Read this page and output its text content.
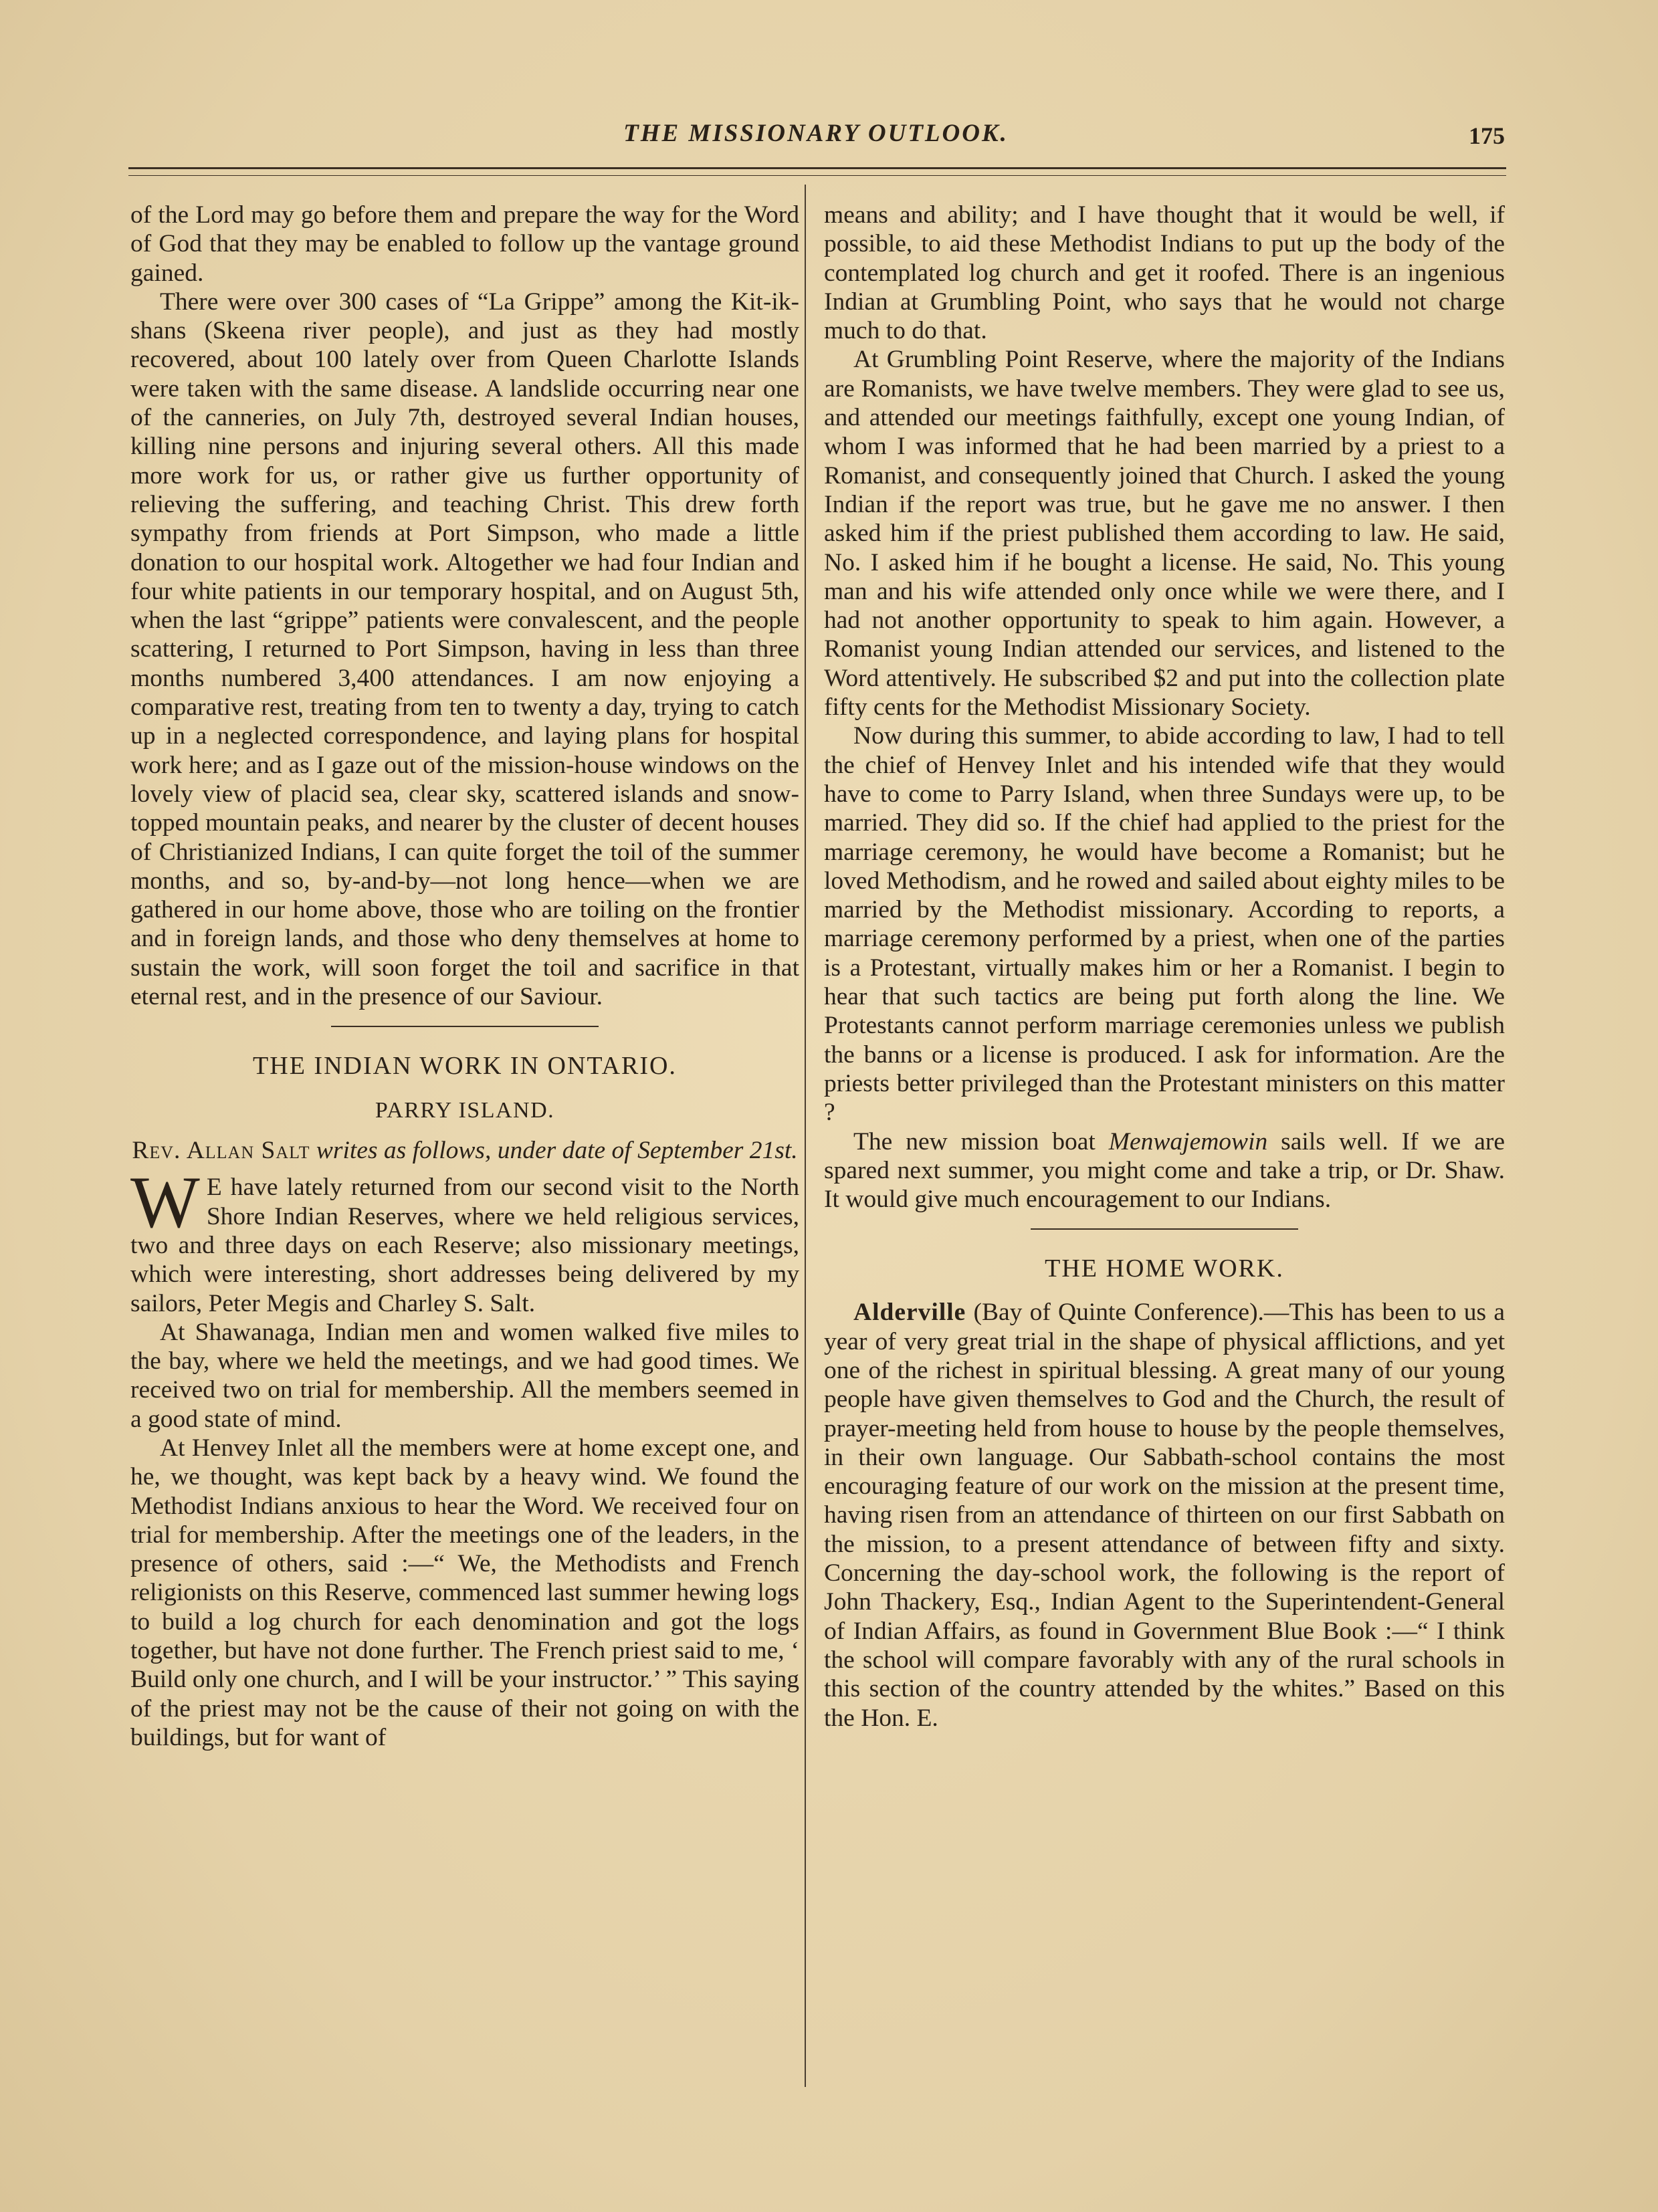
THE MISSIONARY OUTLOOK.	175

of the Lord may go before them and prepare the way for the Word of God that they may be enabled to follow up the vantage ground gained.

There were over 300 cases of “La Grippe” among the Kit-ik-shans (Skeena river people), and just as they had mostly recovered, about 100 lately over from Queen Charlotte Islands were taken with the same disease. A landslide occurring near one of the canneries, on July 7th, destroyed several Indian houses, killing nine persons and injuring several others. All this made more work for us, or rather give us further opportunity of relieving the suffering, and teaching Christ. This drew forth sympathy from friends at Port Simpson, who made a little donation to our hospital work. Altogether we had four Indian and four white patients in our temporary hospital, and on August 5th, when the last “grippe” patients were convalescent, and the people scattering, I returned to Port Simpson, having in less than three months numbered 3,400 attendances. I am now enjoying a comparative rest, treating from ten to twenty a day, trying to catch up in a neglected correspondence, and laying plans for hospital work here; and as I gaze out of the mission-house windows on the lovely view of placid sea, clear sky, scattered islands and snow-topped mountain peaks, and nearer by the cluster of decent houses of Christianized Indians, I can quite forget the toil of the summer months, and so, by-and-by—not long hence—when we are gathered in our home above, those who are toiling on the frontier and in foreign lands, and those who deny themselves at home to sustain the work, will soon forget the toil and sacrifice in that eternal rest, and in the presence of our Saviour.

THE INDIAN WORK IN ONTARIO.
PARRY ISLAND.
Rev. Allan Salt writes as follows, under date of September 21st.

W E have lately returned from our second visit to the North Shore Indian Reserves, where we held religious services, two and three days on each Reserve; also missionary meetings, which were interesting, short addresses being delivered by my sailors, Peter Megis and Charley S. Salt.

At Shawanaga, Indian men and women walked five miles to the bay, where we held the meetings, and we had good times. We received two on trial for membership. All the members seemed in a good state of mind.

At Henvey Inlet all the members were at home except one, and he, we thought, was kept back by a heavy wind. We found the Methodist Indians anxious to hear the Word. We received four on trial for membership. After the meetings one of the leaders, in the presence of others, said :—“ We, the Methodists and French religionists on this Reserve, commenced last summer hewing logs to build a log church for each denomination and got the logs together, but have not done further. The French priest said to me, ‘ Build only one church, and I will be your instructor.’ ” This saying of the priest may not be the cause of their not going on with the buildings, but for want of

means and ability; and I have thought that it would be well, if possible, to aid these Methodist Indians to put up the body of the contemplated log church and get it roofed. There is an ingenious Indian at Grumbling Point, who says that he would not charge much to do that.

At Grumbling Point Reserve, where the majority of the Indians are Romanists, we have twelve members. They were glad to see us, and attended our meetings faithfully, except one young Indian, of whom I was informed that he had been married by a priest to a Romanist, and consequently joined that Church. I asked the young Indian if the report was true, but he gave me no answer. I then asked him if the priest published them according to law. He said, No. I asked him if he bought a license. He said, No. This young man and his wife attended only once while we were there, and I had not another opportunity to speak to him again. However, a Romanist young Indian attended our services, and listened to the Word attentively. He subscribed $2 and put into the collection plate fifty cents for the Methodist Missionary Society.

Now during this summer, to abide according to law, I had to tell the chief of Henvey Inlet and his intended wife that they would have to come to Parry Island, when three Sundays were up, to be married. They did so. If the chief had applied to the priest for the marriage ceremony, he would have become a Romanist; but he loved Methodism, and he rowed and sailed about eighty miles to be married by the Methodist missionary. According to reports, a marriage ceremony performed by a priest, when one of the parties is a Protestant, virtually makes him or her a Romanist. I begin to hear that such tactics are being put forth along the line. We Protestants cannot perform marriage ceremonies unless we publish the banns or a license is produced. I ask for information. Are the priests better privileged than the Protestant ministers on this matter ?

The new mission boat Menwajemowin sails well. If we are spared next summer, you might come and take a trip, or Dr. Shaw. It would give much encouragement to our Indians.

THE HOME WORK.

Alderville (Bay of Quinte Conference).—This has been to us a year of very great trial in the shape of physical afflictions, and yet one of the richest in spiritual blessing. A great many of our young people have given themselves to God and the Church, the result of prayer-meeting held from house to house by the people themselves, in their own language. Our Sabbath-school contains the most encouraging feature of our work on the mission at the present time, having risen from an attendance of thirteen on our first Sabbath on the mission, to a present attendance of between fifty and sixty. Concerning the day-school work, the following is the report of John Thackery, Esq., Indian Agent to the Superintendent-General of Indian Affairs, as found in Government Blue Book :—“ I think the school will compare favorably with any of the rural schools in this section of the country attended by the whites.” Based on this the Hon. E.
